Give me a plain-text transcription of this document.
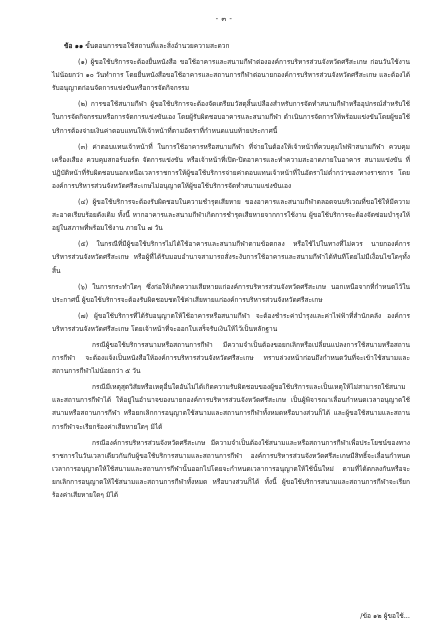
- ๓ -

ข้อ ๑๑ ขั้นตอนการขอใช้สถานที่และสิ่งอำนวยความสะดวก

(๑) ผู้ขอใช้บริการจะต้องยื่นหนังสือ ขอใช้อาคารและสนามกีฬาต่ององค์การบริหารส่วนจังหวัดศรีสะเกษ ก่อนวันใช้งานไม่น้อยกว่า ๑๐ วันทำการ โดยยื่นหนังสือขอใช้อาคารและสถานการกีฬาต่อนายกองค์การบริหารส่วนจังหวัดศรีสะเกษ และต้องได้รับอนุญาตก่อนจัดการแข่งขันหรือการจัดกิจกรรม

(๒) การขอใช้สนามกีฬา ผู้ขอใช้บริการจะต้องจัดเตรียมวัสดุสิ้นเปลืองสำหรับการจัดทำสนามกีฬาหรืออุปกรณ์สำหรับใช้ในการจัดกิจกรรมหรือการจัดการแข่งขันเอง โดยผู้รับผิดชอบอาคารและสนามกีฬา ดำเนินการจัดการให้พร้อมแข่งขันโดยผู้ขอใช้บริการต้องจ่ายเงินค่าตอบแทนให้เจ้าหน้าที่ตามอัตราที่กำหนดแนบท้ายประกาศนี้

(๓) ค่าตอบแทนเจ้าหน้าที่ ในการใช้อาคารหรือสนามกีฬา ที่จ่ายในต้องให้เจ้าหน้าที่ควบคุมไฟฟ้าสนามกีฬา ควบคุมเครื่องเสียง ควบคุมสกอร์บอร์ด จัดการแข่งขัน หรือเจ้าหน้าที่เปิด-ปิดอาคารและทำความสะอาดภายในอาคาร สนามแข่งขัน ที่ปฏิบัติหน้าที่รับผิดชอบนอกเหนือเวลาราชการให้ผู้ขอใช้บริการจ่ายค่าตอบแทนเจ้าหน้าที่ในอัตราไม่ต่ำกว่าของทางราชการ โดยองค์การบริหารส่วนจังหวัดศรีสะเกษไม่อนุญาตให้ผู้ขอใช้บริการจัดทำสนามแข่งขันเอง

(๔) ผู้ขอใช้บริการจะต้องรับผิดชอบในความชำรุดเสียหาย ของอาคารและสนามกีฬาตลอดจนบริเวณที่ขอใช้ให้มีความสะอาดเรียบร้อยดังเดิม ทั้งนี้ หากอาคารและสนามกีฬาเกิดการชำรุดเสียหายจากการใช้งาน ผู้ขอใช้บริการจะต้องจัดซ่อมบำรุงให้อยู่ในสภาพที่พร้อมใช้งาน ภายใน ๗ วัน

(๕) ในกรณีที่มีผู้ขอใช้บริการไม่ได้ใช้อาคารและสนามกีฬาตามข้อตกลง หรือใช้ไปในทางที่ไม่ควร นายกองค์การบริหารส่วนจังหวัดศรีสะเกษ หรือผู้ที่ได้รับมอบอำนาจสามารถสั่งระงับการใช้อาคารและสนามกีฬาได้ทันทีโดยไม่มีเงื่อนไขใดๆทั้งสิ้น

(๖) ในการกระทำใดๆ ซึ่งก่อให้เกิดความเสียหายแก่องค์การบริหารส่วนจังหวัดศรีสะเกษ นอกเหนือจากที่กำหนดไว้ในประกาศนี้ ผู้ขอใช้บริการจะต้องรับผิดชอบชดใช้ค่าเสียหายแก่องค์การบริหารส่วนจังหวัดศรีสะเกษ

(๗) ผู้ขอใช้บริการที่ได้รับอนุญาตให้ใช้อาคารหรือสนามกีฬา จะต้องชำระค่าบำรุงและค่าไฟฟ้าที่สำนักคลัง องค์การบริหารส่วนจังหวัดศรีสะเกษ โดยเจ้าหน้าที่จะออกใบเสร็จรับเงินให้ไว้เป็นหลักฐาน

กรณีผู้ขอใช้บริการสนามหรือสถานการกีฬา มีความจำเป็นต้องขอยกเลิกหรือเปลี่ยนแปลงการใช้สนามหรือสถานการกีฬา จะต้องแจ้งเป็นหนังสือให้องค์การบริหารส่วนจังหวัดศรีสะเกษ ทราบล่วงหน้าก่อนถึงกำหนดวันที่จะเข้าใช้สนามและสถานการกีฬาไม่น้อยกว่า ๕ วัน

กรณีมีเหตุสุดวิสัยหรือเหตุอื่นใดอันไม่ได้เกิดความรับผิดชอบของผู้ขอใช้บริการและเป็นเหตุให้ไม่สามารถใช้สนามและสถานการกีฬาได้ ให้อยู่ในอำนาจของนายกองค์การบริหารส่วนจังหวัดศรีสะเกษ เป็นผู้พิจารณาเลื่อนกำหนดเวลาอนุญาตใช้สนามหรือสถานการกีฬา หรือยกเลิกการอนุญาตใช้สนามและสถานการกีฬาทั้งหมดหรือบางส่วนก็ได้ และผู้ขอใช้สนามและสถานการกีฬาจะเรียกร้องค่าเสียหายใดๆ มิได้

กรณีองค์การบริหารส่วนจังหวัดศรีสะเกษ มีความจำเป็นต้องใช้สนามและหรือสถานการกีฬาเพื่อประโยชน์ของทางราชการในวันเวลาเดียวกันกับผู้ขอใช้บริการสนามและสถานการกีฬา องค์การบริหารส่วนจังหวัดศรีสะเกษมีสิทธิ์จะเลื่อนกำหนดเวลาการอนุญาตให้ใช้สนามและสถานการกีฬานั้นออกไปโดยจะกำหนดเวลาการอนุญาตให้ใช้นั้นใหม่ ตามที่ได้ตกลงกันหรือจะยกเลิกการอนุญาตให้ใช้สนามและสถานการกีฬาทั้งหมด หรือบางส่วนก็ได้ ทั้งนี้ ผู้ขอใช้บริการสนามและสถานการกีฬาจะเรียกร้องค่าเสียหายใดๆ มิได้

/ข้อ ๑๒ ผู้ขอใช้...
